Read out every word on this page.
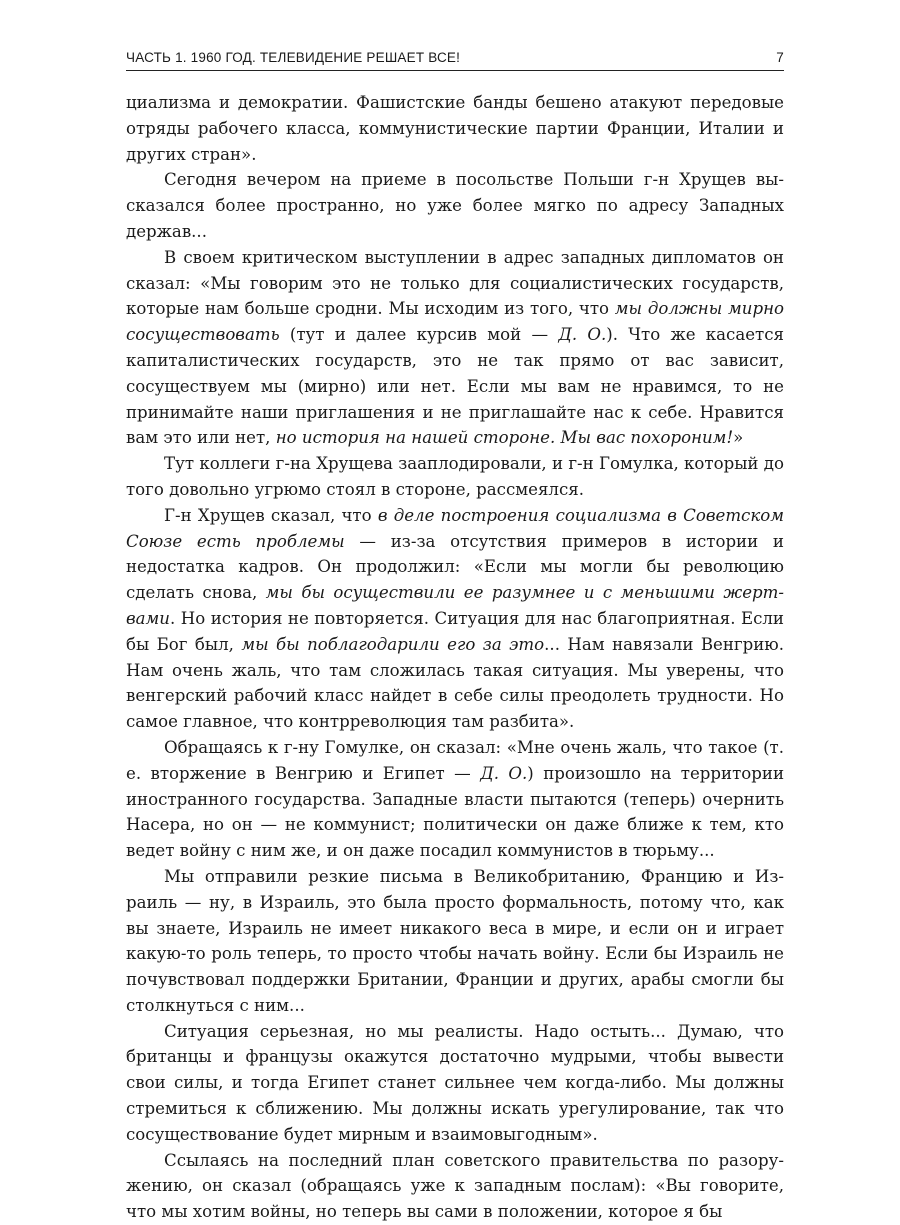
ЧАСТЬ 1. 1960 ГОД. ТЕЛЕВИДЕНИЕ РЕШАЕТ ВСЕ!	7

циализма и демократии. Фашистские банды бешено атакуют передовые отряды рабочего класса, коммунистические партии Франции, Италии и других стран».

Сегодня вечером на приеме в посольстве Польши г-н Хрущев высказался более пространно, но уже более мягко по адресу Западных держав...

В своем критическом выступлении в адрес западных дипломатов он сказал: «Мы говорим это не только для социалистических государств, которые нам больше сродни. Мы исходим из того, что мы должны мирно сосуществовать (тут и далее курсив мой — Д. О.). Что же касается капиталистических государств, это не так прямо от вас зависит, сосуществуем мы (мирно) или нет. Если мы вам не нравимся, то не принимайте наши приглашения и не приглашайте нас к себе. Нравится вам это или нет, но история на нашей стороне. Мы вас похороним!»

Тут коллеги г-на Хрущева зааплодировали, и г-н Гомулка, который до того довольно угрюмо стоял в стороне, рассмеялся.

Г-н Хрущев сказал, что в деле построения социализма в Советском Союзе есть проблемы — из-за отсутствия примеров в истории и недостатка кадров. Он продолжил: «Если мы могли бы революцию сделать снова, мы бы осуществили ее разумнее и с меньшими жертвами. Но история не повторяется. Ситуация для нас благоприятная. Если бы Бог был, мы бы поблагодарили его за это... Нам навязали Венгрию. Нам очень жаль, что там сложилась такая ситуация. Мы уверены, что венгерский рабочий класс найдет в себе силы преодолеть трудности. Но самое главное, что контрреволюция там разбита».

Обращаясь к г-ну Гомулке, он сказал: «Мне очень жаль, что такое (т. е. вторжение в Венгрию и Египет — Д. О.) произошло на территории иностранного государства. Западные власти пытаются (теперь) очернить Насера, но он — не коммунист; политически он даже ближе к тем, кто ведет войну с ним же, и он даже посадил коммунистов в тюрьму...

Мы отправили резкие письма в Великобританию, Францию и Израиль — ну, в Израиль, это была просто формальность, потому что, как вы знаете, Израиль не имеет никакого веса в мире, и если он и играет какую-то роль теперь, то просто чтобы начать войну. Если бы Израиль не почувствовал поддержки Британии, Франции и других, арабы смогли бы столкнуться с ним...

Ситуация серьезная, но мы реалисты. Надо остыть... Думаю, что британцы и французы окажутся достаточно мудрыми, чтобы вывести свои силы, и тогда Египет станет сильнее чем когда-либо. Мы должны стремиться к сближению. Мы должны искать урегулирование, так что сосуществование будет мирным и взаимовыгодным».

Ссылаясь на последний план советского правительства по разоружению, он сказал (обращаясь уже к западным послам): «Вы говорите, что мы хотим войны, но теперь вы сами в положении, которое я бы
